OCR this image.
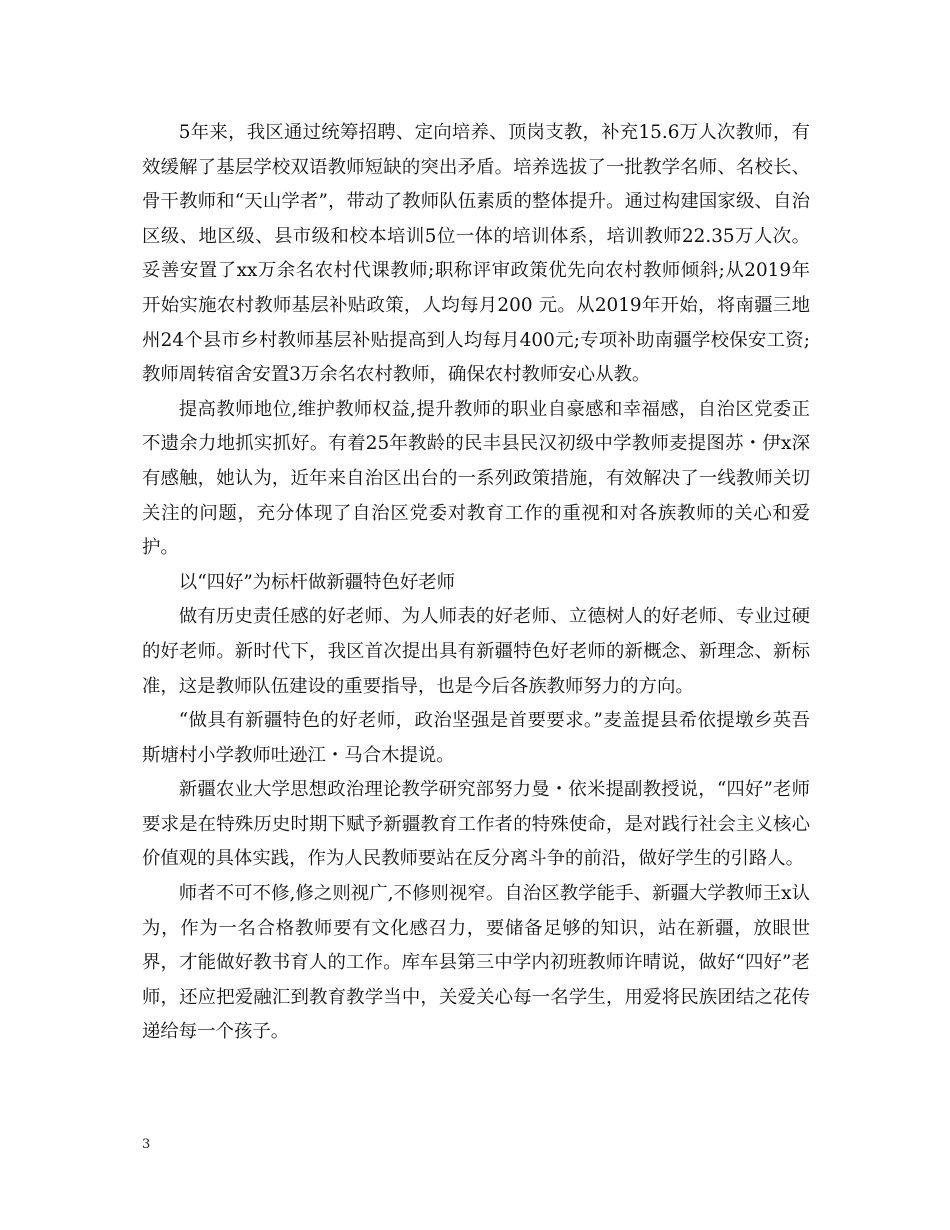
5年来，我区通过统筹招聘、定向培养、顶岗支教，补充15.6万人次教师，有效缓解了基层学校双语教师短缺的突出矛盾。培养选拔了一批教学名师、名校长、骨干教师和“天山学者”，带动了教师队伍素质的整体提升。通过构建国家级、自治区级、地区级、县市级和校本培训5位一体的培训体系，培训教师22.35万人次。妥善安置了xx万余名农村代课教师;职称评审政策优先向农村教师倾斜;从2019年开始实施农村教师基层补贴政策，人均每月200 元。从2019年开始，将南疆三地州24个县市乡村教师基层补贴提高到人均每月400元;专项补助南疆学校保安工资;教师周转宿舍安置3万余名农村教师，确保农村教师安心从教。

提高教师地位,维护教师权益,提升教师的职业自豪感和幸福感，自治区党委正不遗余力地抓实抓好。有着25年教龄的民丰县民汉初级中学教师麦提图苏・伊x深有感触，她认为，近年来自治区出台的一系列政策措施，有效解决了一线教师关切关注的问题，充分体现了自治区党委对教育工作的重视和对各族教师的关心和爱护。

以“四好”为标杆做新疆特色好老师

做有历史责任感的好老师、为人师表的好老师、立德树人的好老师、专业过硬的好老师。新时代下，我区首次提出具有新疆特色好老师的新概念、新理念、新标准，这是教师队伍建设的重要指导，也是今后各族教师努力的方向。

“做具有新疆特色的好老师，政治坚强是首要要求。”麦盖提县希依提墩乡英吾斯塘村小学教师吐逊江・马合木提说。

新疆农业大学思想政治理论教学研究部努力曼・依米提副教授说，“四好”老师要求是在特殊历史时期下赋予新疆教育工作者的特殊使命，是对践行社会主义核心价值观的具体实践，作为人民教师要站在反分离斗争的前沿，做好学生的引路人。

师者不可不修,修之则视广,不修则视窄。自治区教学能手、新疆大学教师王x认为，作为一名合格教师要有文化感召力，要储备足够的知识，站在新疆，放眼世界，才能做好教书育人的工作。库车县第三中学内初班教师许晴说，做好“四好”老师，还应把爱融汇到教育教学当中，关爱关心每一名学生，用爱将民族团结之花传递给每一个孩子。

3
